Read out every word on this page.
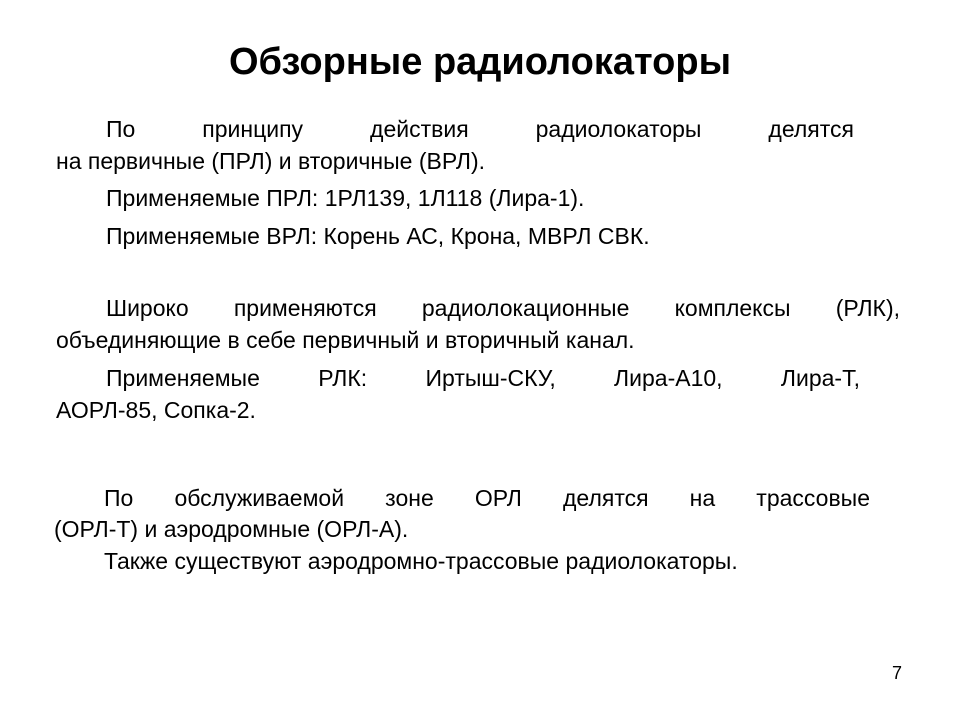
Обзорные радиолокаторы
По принципу действия радиолокаторы делятся
на первичные (ПРЛ) и вторичные (ВРЛ).
Применяемые ПРЛ: 1РЛ139, 1Л118 (Лира-1).
Применяемые ВРЛ: Корень АС, Крона, МВРЛ СВК.
Широко применяются радиолокационные комплексы (РЛК),
объединяющие в себе первичный и вторичный канал.
Применяемые РЛК: Иртыш-СКУ, Лира-А10, Лира-Т,
АОРЛ-85, Сопка-2.
По обслуживаемой зоне ОРЛ делятся на трассовые
(ОРЛ-Т) и аэродромные (ОРЛ-А).
Также существуют аэродромно-трассовые радиолокаторы.
7
